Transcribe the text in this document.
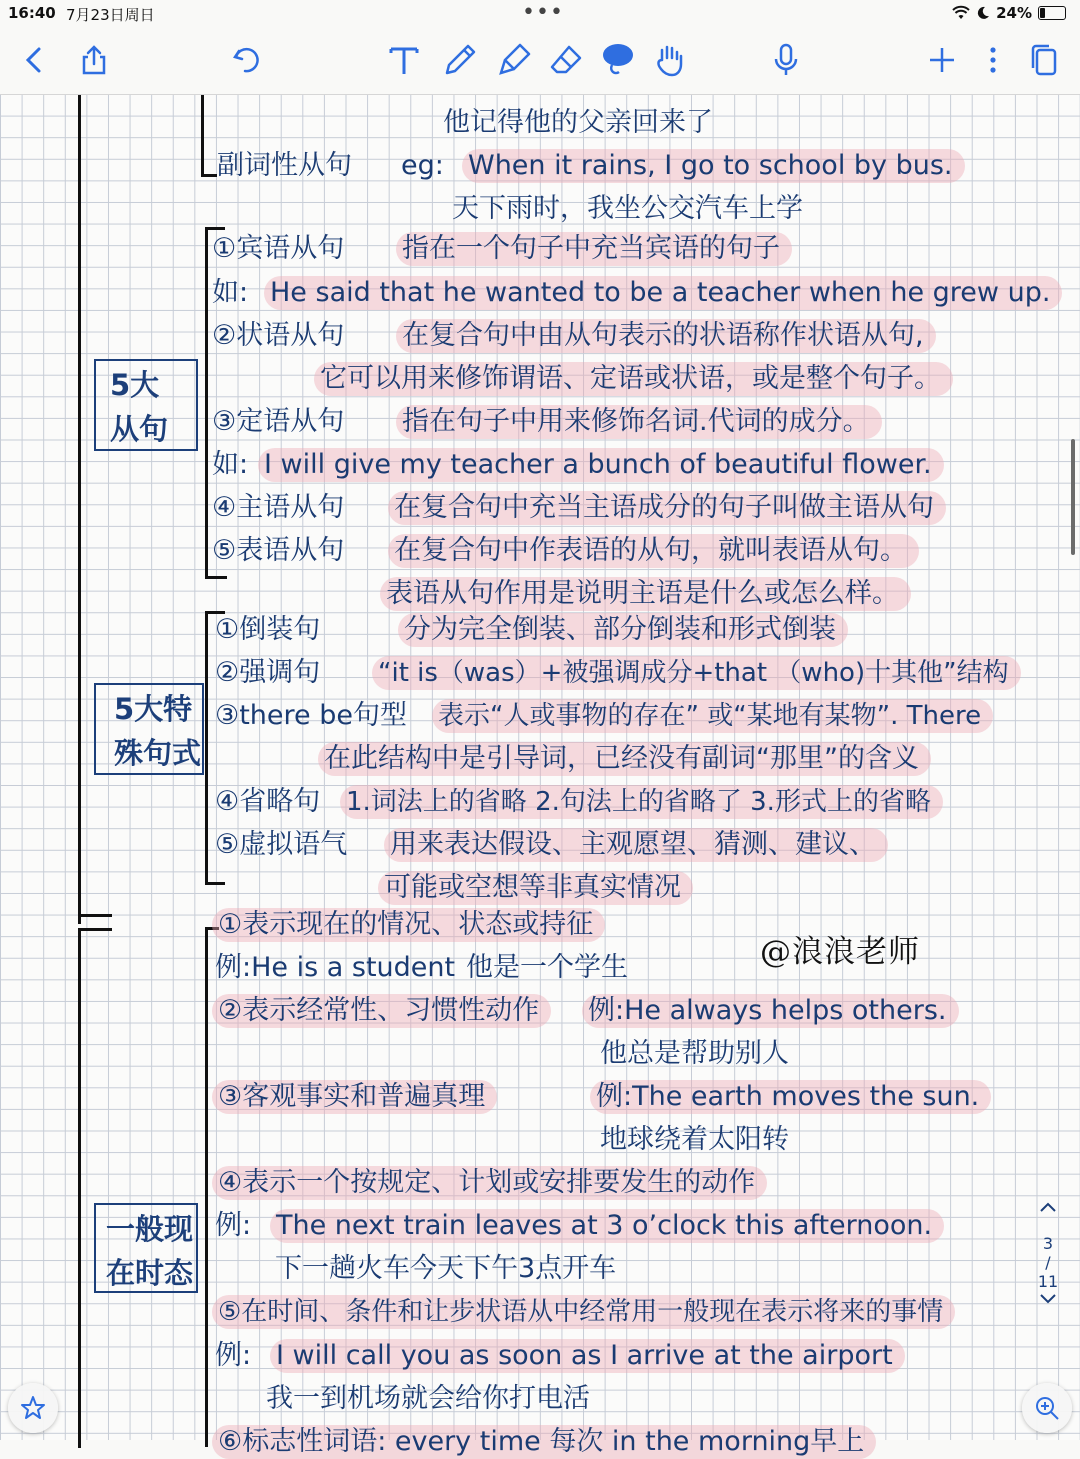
16:40 7月23日周日	•••	24%
5大
从句
5大特
殊句式
一般现
在时态
他记得他的父亲回来了
副词性从句 eg: When it rains, I go to school by bus.
天下雨时，我坐公交汽车上学
①宾语从句 指在一个句子中充当宾语的句子
如: He said that he wanted to be a teacher when he grew up.
②状语从句 在复合句中由从句表示的状语称作状语从句,
它可以用来修饰谓语、定语或状语，或是整个句子。
③定语从句 指在句子中用来修饰名词.代词的成分。
如: I will give my teacher a bunch of beautiful flower.
④主语从句 在复合句中充当主语成分的句子叫做主语从句
⑤表语从句 在复合句中作表语的从句，就叫表语从句。
表语从句作用是说明主语是什么或怎么样。
①倒装句	分为完全倒装、部分倒装和形式倒装
②强调句 “it is（was）+被强调成分+that （who)十其他”结构
③there be句型 表示“人或事物的存在” 或“某地有某物”. There
在此结构中是引导词，已经没有副词“那里”的含义
④省略句 1.词法上的省略 2.句法上的省略了 3.形式上的省略
⑤虚拟语气 用来表达假设、主观愿望、猜测、建议、
可能或空想等非真实情况
①表示现在的情况、状态或持征
例:He is a student 他是一个学生
②表示经常性、习惯性动作	例:He always helps others.
他总是帮助别人
③客观事实和普遍真理	例:The earth moves the sun.
地球绕着太阳转
④表示一个按规定、计划或安排要发生的动作
例: The next train leaves at 3 o’clock this afternoon.
下一趟火车今天下午3点开车
⑤在时间、条件和让步状语从中经常用一般现在表示将来的事情
例: I will call you as soon as I arrive at the airport
我一到机场就会给你打电活
⑥标志性词语: every time 每次 in the morning早上
@浪浪老师
3
/
11
